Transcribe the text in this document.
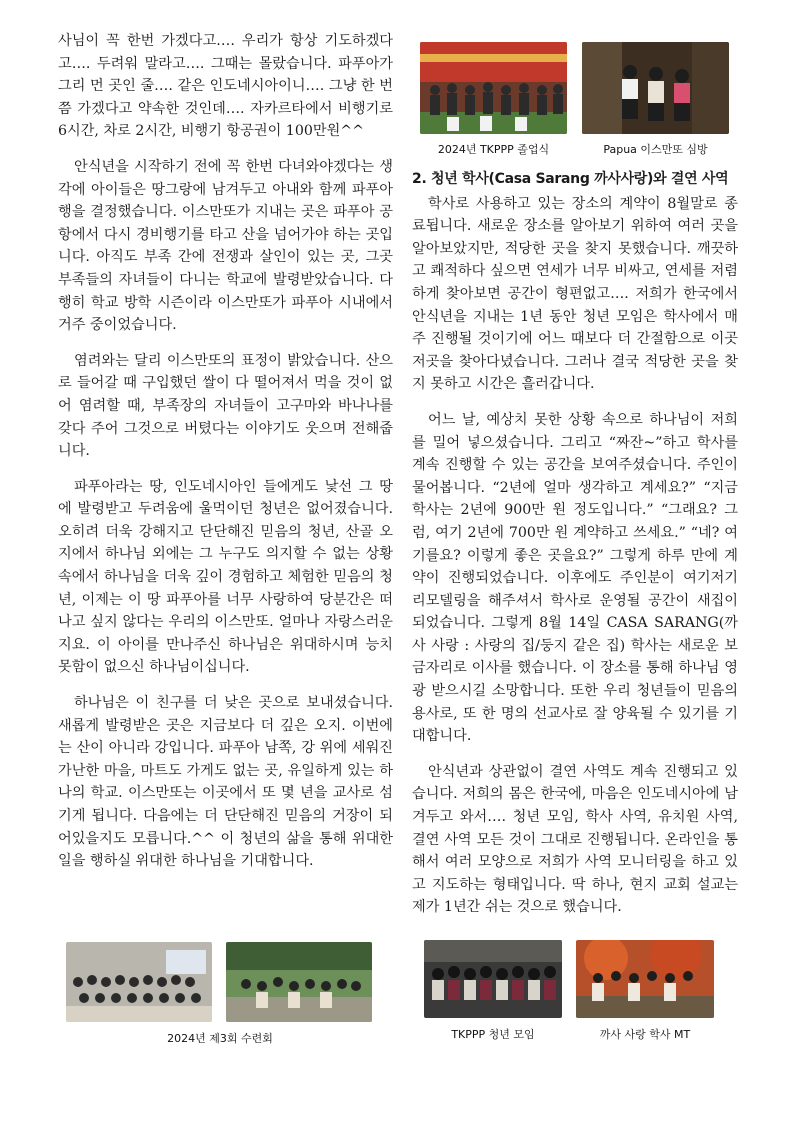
2024년 TKPPP 졸업식	Papua 이스만또 심방

사님이 꼭 한번 가겠다고…. 우리가 항상 기도하겠다고…. 두려워 말라고…. 그때는 몰랐습니다. 파푸아가 그리 먼 곳인 줄…. 같은 인도네시아이니…. 그냥 한 번쯤 가겠다고 약속한 것인데…. 자카르타에서 비행기로 6시간, 차로 2시간, 비행기 항공권이 100만원^^

안식년을 시작하기 전에 꼭 한번 다녀와야겠다는 생각에 아이들은 땅그랑에 남겨두고 아내와 함께 파푸아행을 결정했습니다. 이스만또가 지내는 곳은 파푸아 공항에서 다시 경비행기를 타고 산을 넘어가야 하는 곳입니다. 아직도 부족 간에 전쟁과 살인이 있는 곳, 그곳 부족들의 자녀들이 다니는 학교에 발령받았습니다. 다행히 학교 방학 시즌이라 이스만또가 파푸아 시내에서 거주 중이었습니다.

염려와는 달리 이스만또의 표정이 밝았습니다. 산으로 들어갈 때 구입했던 쌀이 다 떨어져서 먹을 것이 없어 염려할 때, 부족장의 자녀들이 고구마와 바나나를 갖다 주어 그것으로 버텼다는 이야기도 웃으며 전해줍니다.

파푸아라는 땅, 인도네시아인 들에게도 낯선 그 땅에 발령받고 두려움에 울먹이던 청년은 없어졌습니다. 오히려 더욱 강해지고 단단해진 믿음의 청년, 산골 오지에서 하나님 외에는 그 누구도 의지할 수 없는 상황 속에서 하나님을 더욱 깊이 경험하고 체험한 믿음의 청년, 이제는 이 땅 파푸아를 너무 사랑하여 당분간은 떠나고 싶지 않다는 우리의 이스만또. 얼마나 자랑스러운지요. 이 아이를 만나주신 하나님은 위대하시며 능치 못함이 없으신 하나님이십니다.

하나님은 이 친구를 더 낮은 곳으로 보내셨습니다. 새롭게 발령받은 곳은 지금보다 더 깊은 오지. 이번에는 산이 아니라 강입니다. 파푸아 남쪽, 강 위에 세워진 가난한 마을, 마트도 가게도 없는 곳, 유일하게 있는 하나의 학교. 이스만또는 이곳에서 또 몇 년을 교사로 섬기게 됩니다. 다음에는 더 단단해진 믿음의 거장이 되어있을지도 모릅니다.^^ 이 청년의 삶을 통해 위대한 일을 행하실 위대한 하나님을 기대합니다.

2. 청년 학사(Casa Sarang 까사사랑)와 결연 사역

학사로 사용하고 있는 장소의 계약이 8월말로 종료됩니다. 새로운 장소를 알아보기 위하여 여러 곳을 알아보았지만, 적당한 곳을 찾지 못했습니다. 깨끗하고 쾌적하다 싶으면 연세가 너무 비싸고, 연세를 저렴하게 찾아보면 공간이 형편없고…. 저희가 한국에서 안식년을 지내는 1년 동안 청년 모임은 학사에서 매주 진행될 것이기에 어느 때보다 더 간절함으로 이곳저곳을 찾아다녔습니다. 그러나 결국 적당한 곳을 찾지 못하고 시간은 흘러갑니다.

어느 날, 예상치 못한 상황 속으로 하나님이 저희를 밀어 넣으셨습니다. 그리고 “짜잔~”하고 학사를 계속 진행할 수 있는 공간을 보여주셨습니다. 주인이 물어봅니다. “2년에 얼마 생각하고 계세요?” “지금 학사는 2년에 900만 원 정도입니다.” “그래요? 그럼, 여기 2년에 700만 원 계약하고 쓰세요.” “네? 여기를요? 이렇게 좋은 곳을요?” 그렇게 하루 만에 계약이 진행되었습니다. 이후에도 주인분이 여기저기 리모델링을 해주셔서 학사로 운영될 공간이 새집이 되었습니다. 그렇게 8월 14일 CASA SARANG(까사 사랑 : 사랑의 집/둥지 같은 집) 학사는 새로운 보금자리로 이사를 했습니다. 이 장소를 통해 하나님 영광 받으시길 소망합니다. 또한 우리 청년들이 믿음의 용사로, 또 한 명의 선교사로 잘 양육될 수 있기를 기대합니다.

안식년과 상관없이 결연 사역도 계속 진행되고 있습니다. 저희의 몸은 한국에, 마음은 인도네시아에 남겨두고 와서…. 청년 모임, 학사 사역, 유치원 사역, 결연 사역 모든 것이 그대로 진행됩니다. 온라인을 통해서 여러 모양으로 저희가 사역 모니터링을 하고 있고 지도하는 형태입니다. 딱 하나, 현지 교회 설교는 제가 1년간 쉬는 것으로 했습니다.

2024년 제3회 수련회	TKPPP 청년 모임	까사 사랑 학사 MT
